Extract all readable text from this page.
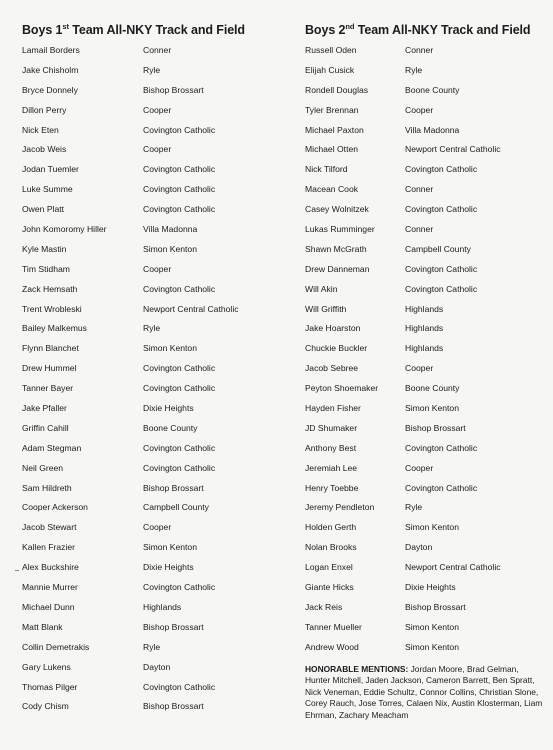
Boys 1st Team All-NKY Track and Field
Lamail Borders	Conner
Jake Chisholm	Ryle
Bryce Donnely	Bishop Brossart
Dillon Perry	Cooper
Nick Eten	Covington Catholic
Jacob Weis	Cooper
Jodan Tuemler	Covington Catholic
Luke Summe	Covington Catholic
Owen Platt	Covington Catholic
John Komoromy Hiller	Villa Madonna
Kyle Mastin	Simon Kenton
Tim Stidham	Cooper
Zack Hemsath	Covington Catholic
Trent Wrobleski	Newport Central Catholic
Bailey Malkemus	Ryle
Flynn Blanchet	Simon Kenton
Drew Hummel	Covington Catholic
Tanner Bayer	Covington Catholic
Jake Pfaller	Dixie Heights
Griffin Cahill	Boone County
Adam Stegman	Covington Catholic
Neil Green	Covington Catholic
Sam Hildreth	Bishop Brossart
Cooper Ackerson	Campbell County
Jacob Stewart	Cooper
Kallen Frazier	Simon Kenton
Alex Buckshire	Dixie Heights
Mannie Murrer	Covington Catholic
Michael Dunn	Highlands
Matt Blank	Bishop Brossart
Collin Demetrakis	Ryle
Gary Lukens	Dayton
Thomas Pilger	Covington Catholic
Cody Chism	Bishop Brossart
Boys 2nd Team All-NKY Track and Field
Russell Oden	Conner
Elijah Cusick	Ryle
Rondell Douglas	Boone County
Tyler Brennan	Cooper
Michael Paxton	Villa Madonna
Michael Otten	Newport Central Catholic
Nick Tilford	Covington Catholic
Macean Cook	Conner
Casey Wolnitzek	Covington Catholic
Lukas Rumminger	Conner
Shawn McGrath	Campbell County
Drew Danneman	Covington Catholic
Will Akin	Covington Catholic
Will Griffith	Highlands
Jake Hoarston	Highlands
Chuckie Buckler	Highlands
Jacob Sebree	Cooper
Peyton Shoemaker	Boone County
Hayden Fisher	Simon Kenton
JD Shumaker	Bishop Brossart
Anthony Best	Covington Catholic
Jeremiah Lee	Cooper
Henry Toebbe	Covington Catholic
Jeremy Pendleton	Ryle
Holden Gerth	Simon Kenton
Nolan Brooks	Dayton
Logan Enxel	Newport Central Catholic
Giante Hicks	Dixie Heights
Jack Reis	Bishop Brossart
Tanner Mueller	Simon Kenton
Andrew Wood	Simon Kenton
HONORABLE MENTIONS: Jordan Moore, Brad Gelman, Hunter Mitchell, Jaden Jackson, Cameron Barrett, Ben Spratt, Nick Veneman, Eddie Schultz, Connor Collins, Christian Slone, Corey Rauch, Jose Torres, Calaen Nix, Austin Klosterman, Liam Ehrman, Zachary Meacham
